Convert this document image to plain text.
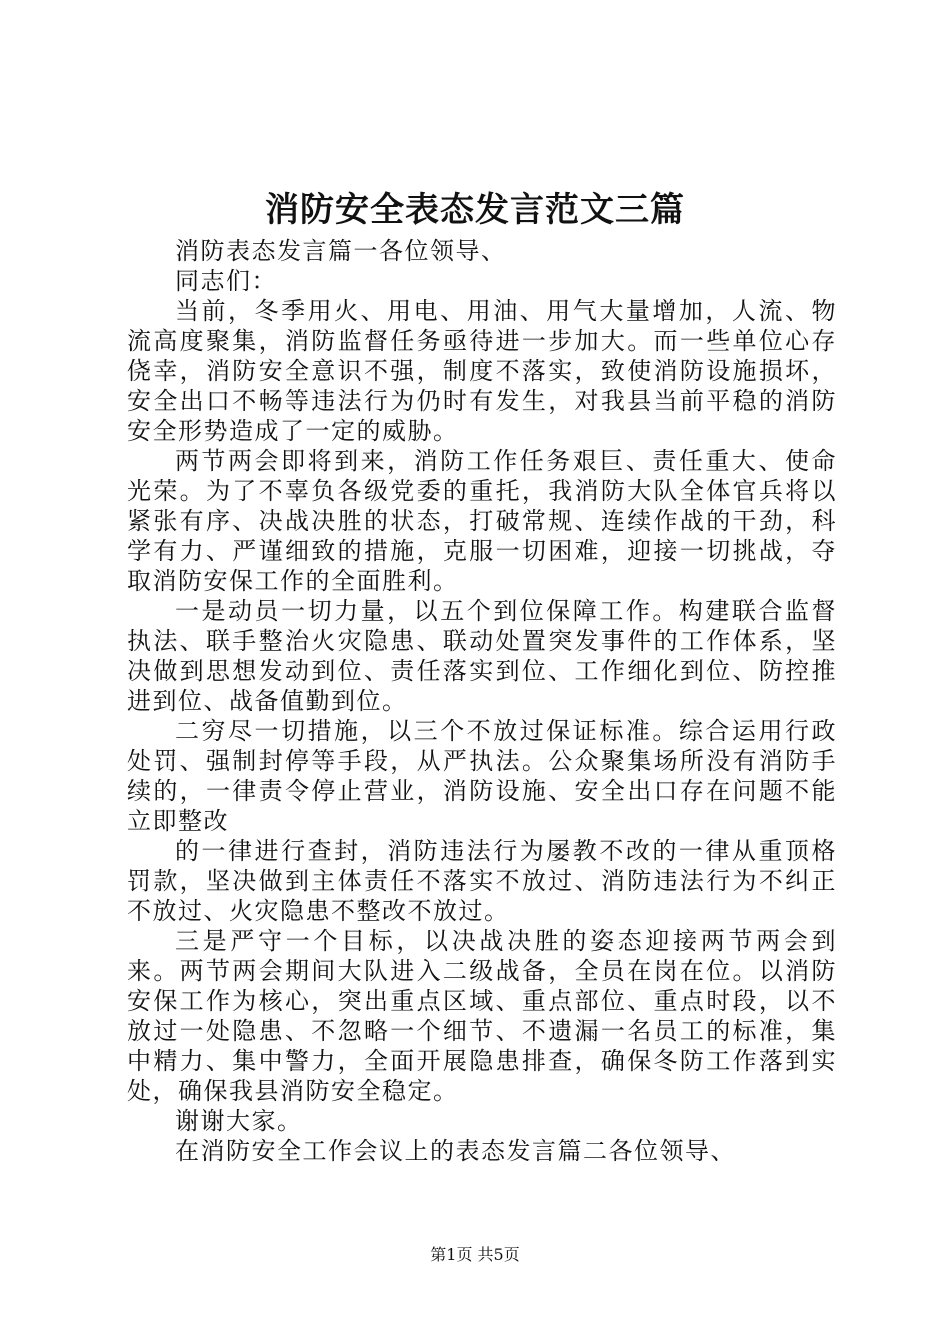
消防安全表态发言范文三篇

消防表态发言篇一各位领导、

同志们：

当前，冬季用火、用电、用油、用气大量增加，人流、物流高度聚集，消防监督任务亟待进一步加大。而一些单位心存侥幸，消防安全意识不强，制度不落实，致使消防设施损坏，安全出口不畅等违法行为仍时有发生，对我县当前平稳的消防安全形势造成了一定的威胁。

两节两会即将到来，消防工作任务艰巨、责任重大、使命光荣。为了不辜负各级党委的重托，我消防大队全体官兵将以紧张有序、决战决胜的状态，打破常规、连续作战的干劲，科学有力、严谨细致的措施，克服一切困难，迎接一切挑战，夺取消防安保工作的全面胜利。

一是动员一切力量，以五个到位保障工作。构建联合监督执法、联手整治火灾隐患、联动处置突发事件的工作体系，坚决做到思想发动到位、责任落实到位、工作细化到位、防控推进到位、战备值勤到位。

二穷尽一切措施，以三个不放过保证标准。综合运用行政处罚、强制封停等手段，从严执法。公众聚集场所没有消防手续的，一律责令停止营业，消防设施、安全出口存在问题不能立即整改

的一律进行查封，消防违法行为屡教不改的一律从重顶格罚款，坚决做到主体责任不落实不放过、消防违法行为不纠正不放过、火灾隐患不整改不放过。

三是严守一个目标，以决战决胜的姿态迎接两节两会到来。两节两会期间大队进入二级战备，全员在岗在位。以消防安保工作为核心，突出重点区域、重点部位、重点时段，以不放过一处隐患、不忽略一个细节、不遗漏一名员工的标准，集中精力、集中警力，全面开展隐患排查，确保冬防工作落到实处，确保我县消防安全稳定。

谢谢大家。

在消防安全工作会议上的表态发言篇二各位领导、

第1页 共5页
